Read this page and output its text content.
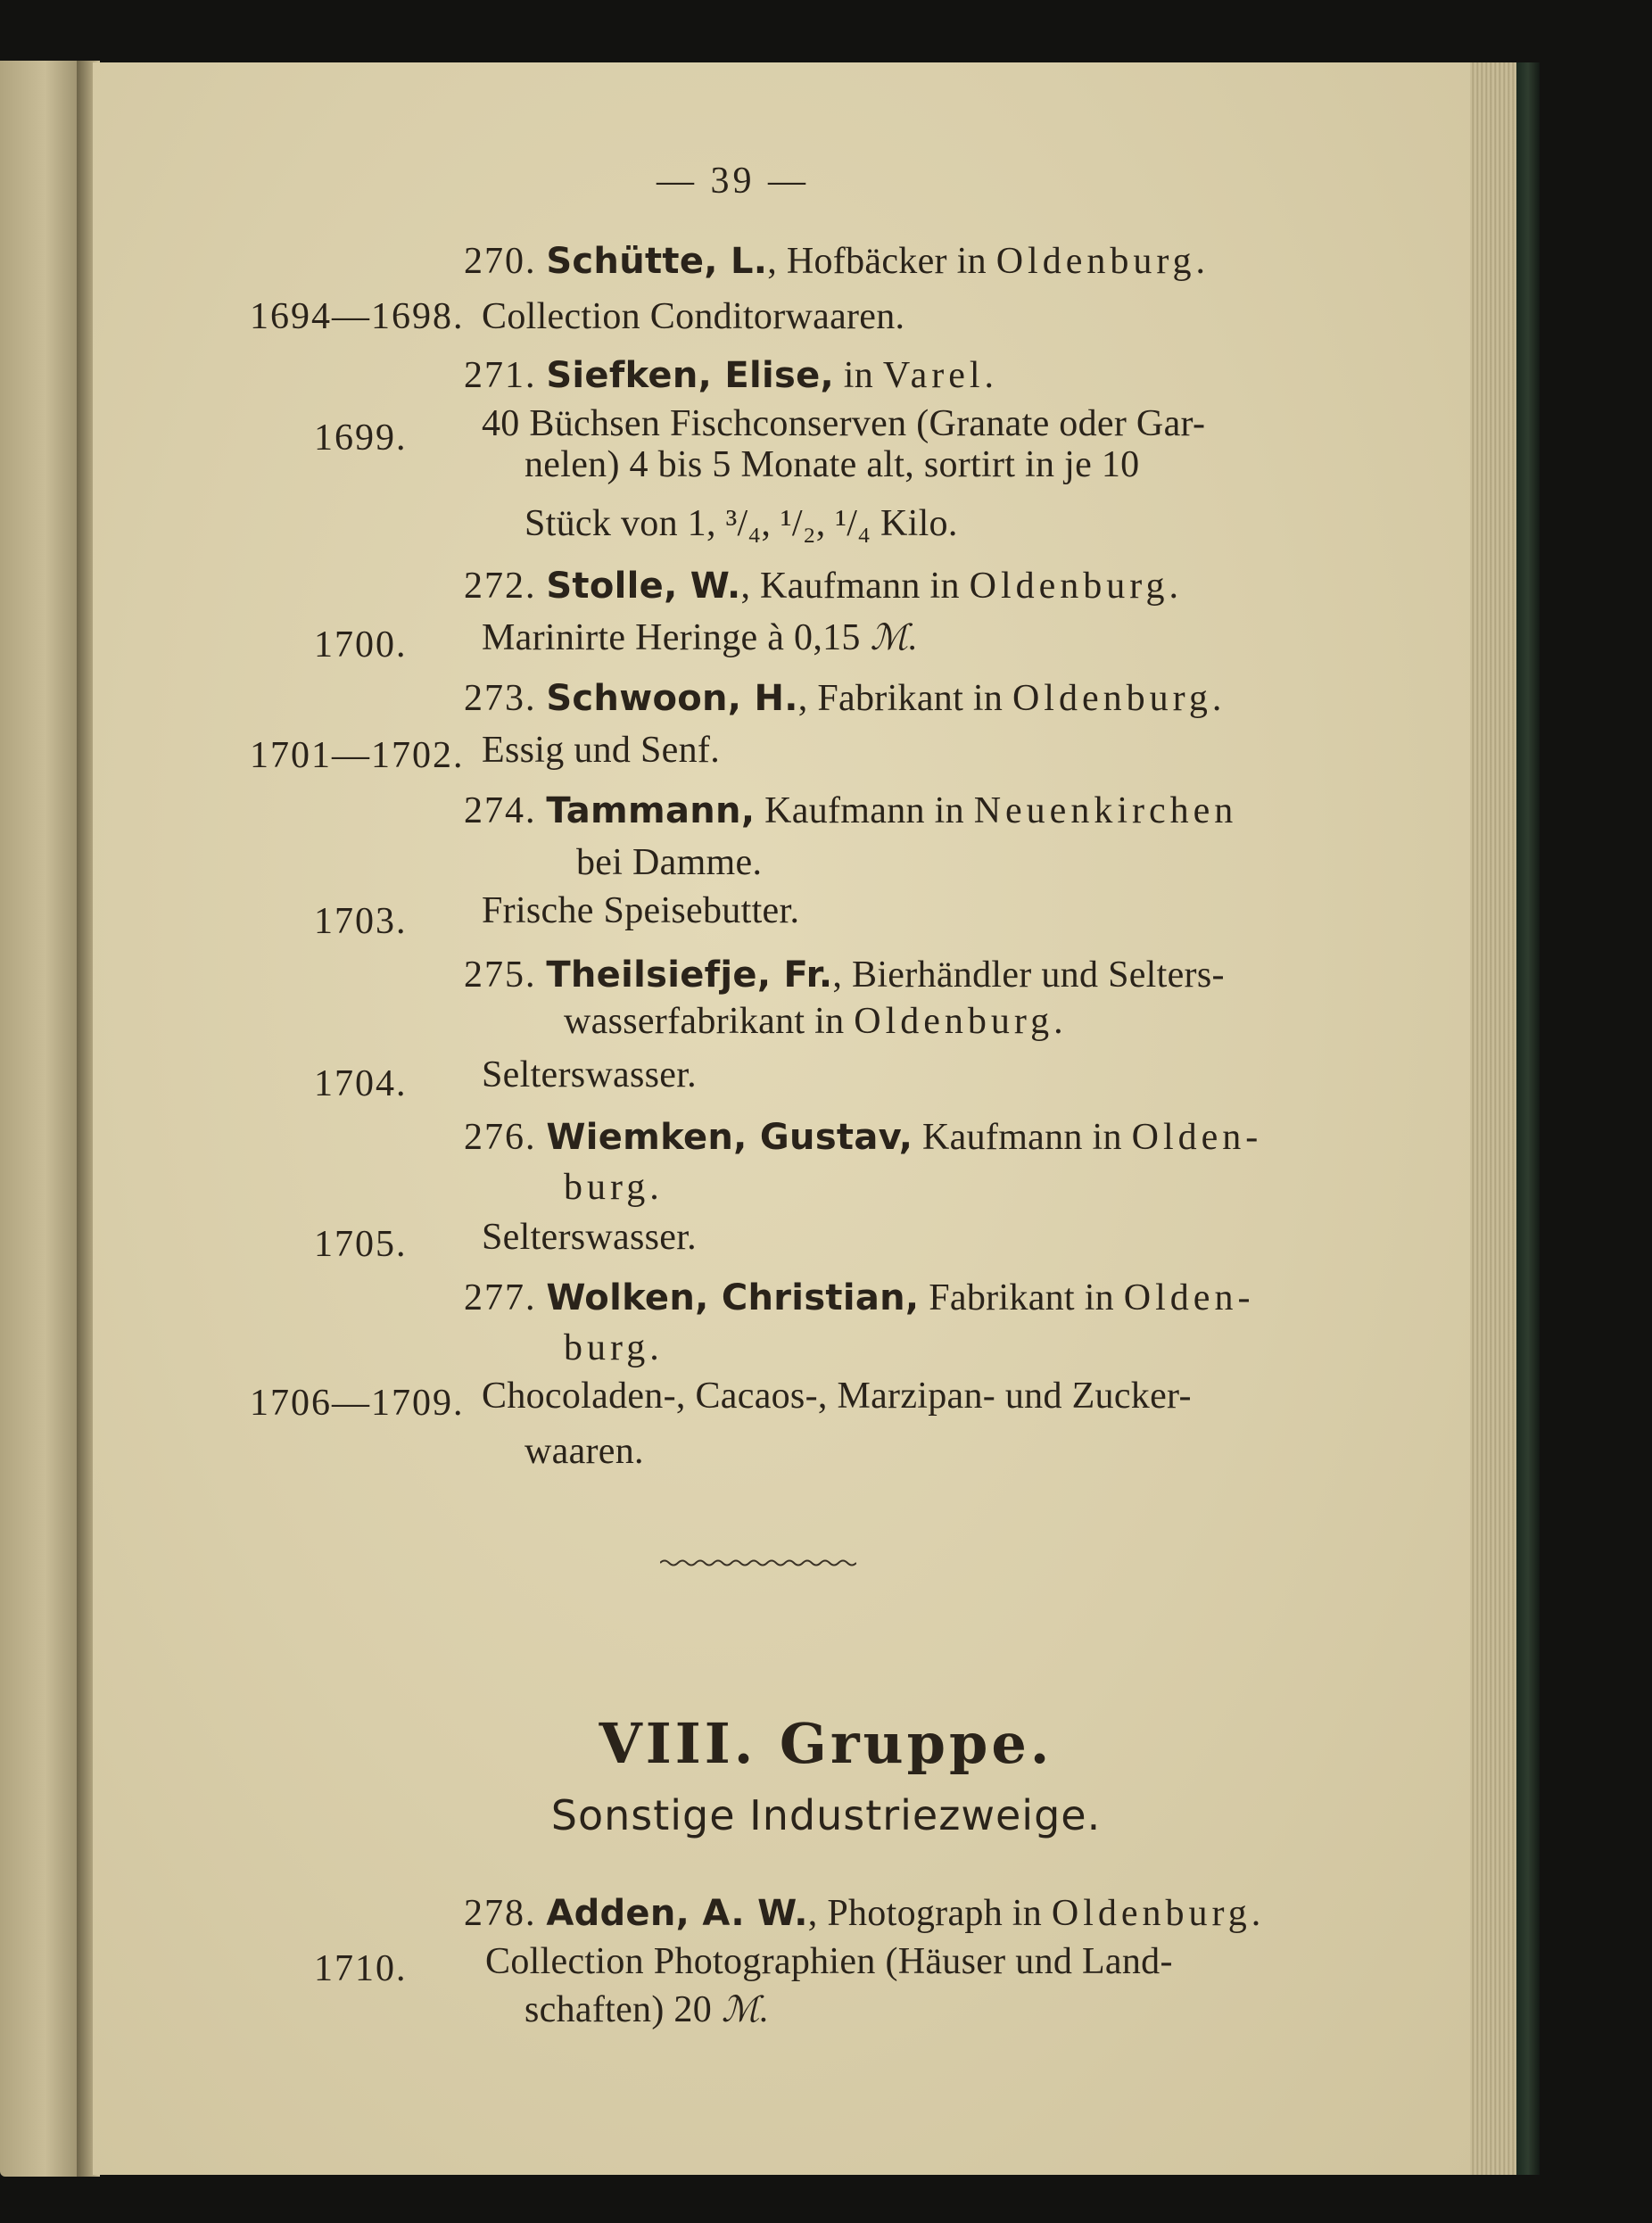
— 39 —
270. Schütte, L., Hofbäcker in Oldenburg.
1694—1698. Collection Conditorwaaren.
271. Siefken, Elise, in Varel.
1699. 40 Büchsen Fischconserven (Granate oder Gar-
nelen) 4 bis 5 Monate alt, sortirt in je 10
Stück von 1, ³/₄, ¹/₂, ¹/₄ Kilo.
272. Stolle, W., Kaufmann in Oldenburg.
1700. Marinirte Heringe à 0,15 ℳ.
273. Schwoon, H., Fabrikant in Oldenburg.
1701—1702. Essig und Senf.
274. Tammann, Kaufmann in Neuenkirchen
bei Damme.
1703. Frische Speisebutter.
275. Theilsiefje, Fr., Bierhändler und Selters-
wasserfabrikant in Oldenburg.
1704. Selterswasser.
276. Wiemken, Gustav, Kaufmann in Olden-
burg.
1705. Selterswasser.
277. Wolken, Christian, Fabrikant in Olden-
burg.
1706—1709. Chocoladen-, Cacaos-, Marzipan- und Zucker-
waaren.
VIII. Gruppe.
Sonstige Industriezweige.
278. Adden, A. W., Photograph in Oldenburg.
1710. Collection Photographien (Häuser und Land-
schaften) 20 ℳ.
